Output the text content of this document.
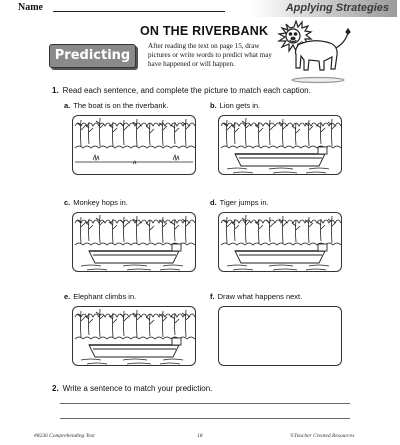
Name	Applying Strategies
ON THE RIVERBANK
Predicting
After reading the text on page 15, draw pictures or write words to predict what may have happened or will happen.
1. Read each sentence, and complete the picture to match each caption.
a. The boat is on the riverbank.	b. Lion gets in.
c. Monkey hops in.	d. Tiger jumps in.
e. Elephant climbs in.	f. Draw what happens next.
2. Write a sentence to match your prediction.
#8236 Comprehending Text	18	©Teacher Created Resources
